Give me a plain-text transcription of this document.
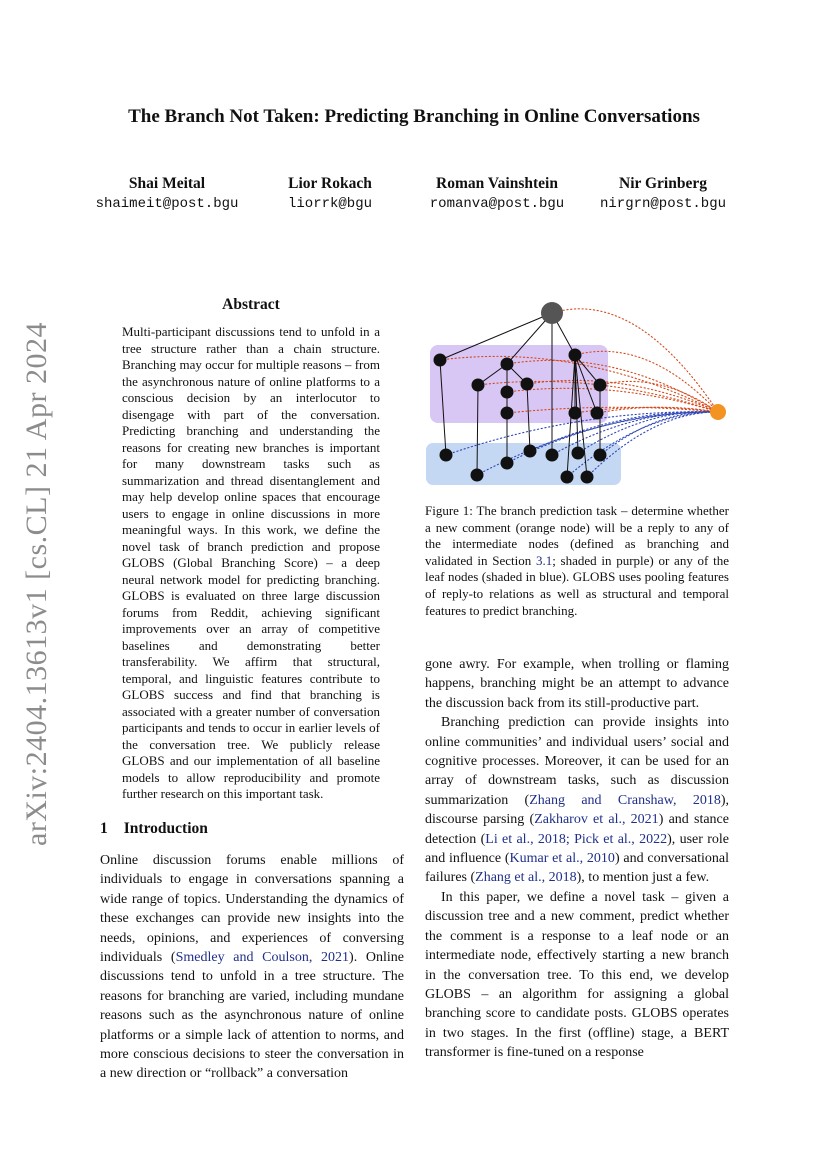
arXiv:2404.13613v1 [cs.CL] 21 Apr 2024
The Branch Not Taken: Predicting Branching in Online Conversations
Shai Meital
shaimeit@post.bgu
Lior Rokach
liorrk@bgu
Roman Vainshtein
romanva@post.bgu
Nir Grinberg
nirgrn@post.bgu
Abstract
Multi-participant discussions tend to unfold in a tree structure rather than a chain structure. Branching may occur for multiple reasons – from the asynchronous nature of online platforms to a conscious decision by an interlocutor to disengage with part of the conversation. Predicting branching and understanding the reasons for creating new branches is important for many downstream tasks such as summarization and thread disentanglement and may help develop online spaces that encourage users to engage in online discussions in more meaningful ways. In this work, we define the novel task of branch prediction and propose GLOBS (Global Branching Score) – a deep neural network model for predicting branching. GLOBS is evaluated on three large discussion forums from Reddit, achieving significant improvements over an array of competitive baselines and demonstrating better transferability. We affirm that structural, temporal, and linguistic features contribute to GLOBS success and find that branching is associated with a greater number of conversation participants and tends to occur in earlier levels of the conversation tree. We publicly release GLOBS and our implementation of all baseline models to allow reproducibility and promote further research on this important task.
1 Introduction

Online discussion forums enable millions of individuals to engage in conversations spanning a wide range of topics. Understanding the dynamics of these exchanges can provide new insights into the needs, opinions, and experiences of conversing individuals (Smedley and Coulson, 2021). Online discussions tend to unfold in a tree structure. The reasons for branching are varied, including mundane reasons such as the asynchronous nature of online platforms or a simple lack of attention to norms, and more conscious decisions to steer the conversation in a new direction or “rollback” a conversation

Figure 1: The branch prediction task – determine whether a new comment (orange node) will be a reply to any of the intermediate nodes (defined as branching and validated in Section 3.1; shaded in purple) or any of the leaf nodes (shaded in blue). GLOBS uses pooling features of reply-to relations as well as structural and temporal features to predict branching.

gone awry. For example, when trolling or flaming happens, branching might be an attempt to advance the discussion back from its still-productive part.

Branching prediction can provide insights into online communities’ and individual users’ social and cognitive processes. Moreover, it can be used for an array of downstream tasks, such as discussion summarization (Zhang and Cranshaw, 2018), discourse parsing (Zakharov et al., 2021) and stance detection (Li et al., 2018; Pick et al., 2022), user role and influence (Kumar et al., 2010) and conversational failures (Zhang et al., 2018), to mention just a few.

In this paper, we define a novel task – given a discussion tree and a new comment, predict whether the comment is a response to a leaf node or an intermediate node, effectively starting a new branch in the conversation tree. To this end, we develop GLOBS – an algorithm for assigning a global branching score to candidate posts. GLOBS operates in two stages. In the first (offline) stage, a BERT transformer is fine-tuned on a response
